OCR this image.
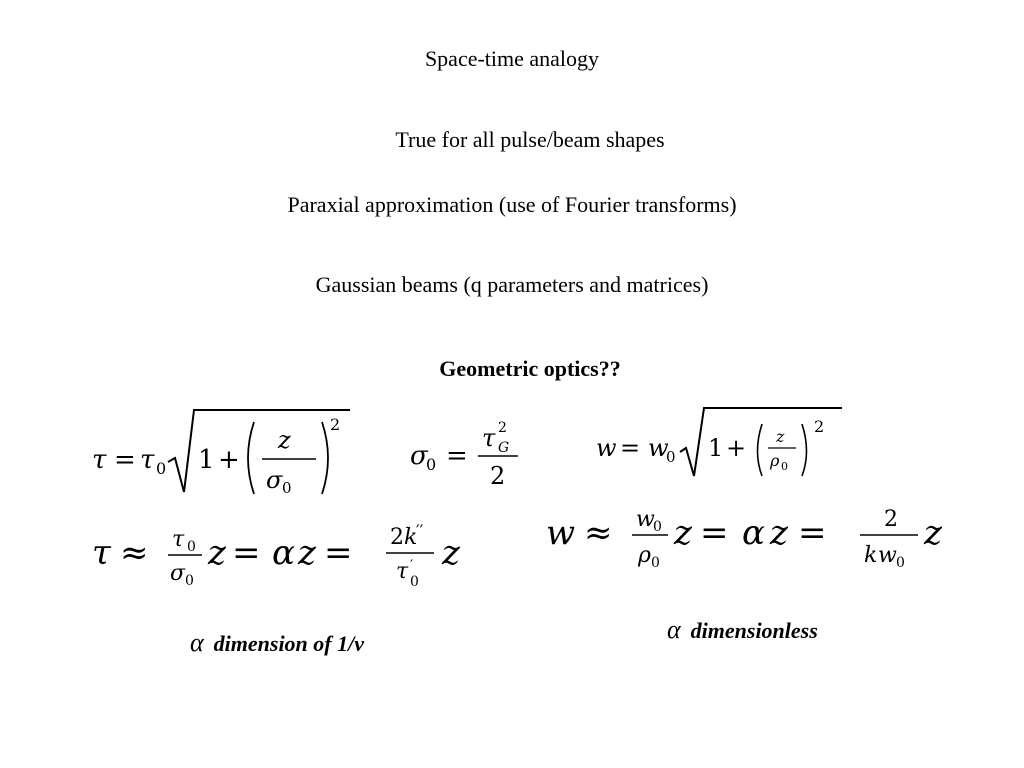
Space-time analogy
True for all pulse/beam shapes
Paraxial approximation (use of Fourier transforms)
Gaussian beams (q parameters and matrices)
Geometric optics??
τ = τ 0 1 +
z
σ 0
2
σ
0 =
τ 2
G
2
w = w
0 1 + z
ρ 0
2
τ ≈ τ 0
σ 0
z = α z = 2 k
′′
τ ′
0
z	w ≈ w
0
ρ 0
z = α z =	2
k w 0
z
α dimension of 1/v	α dimensionless
